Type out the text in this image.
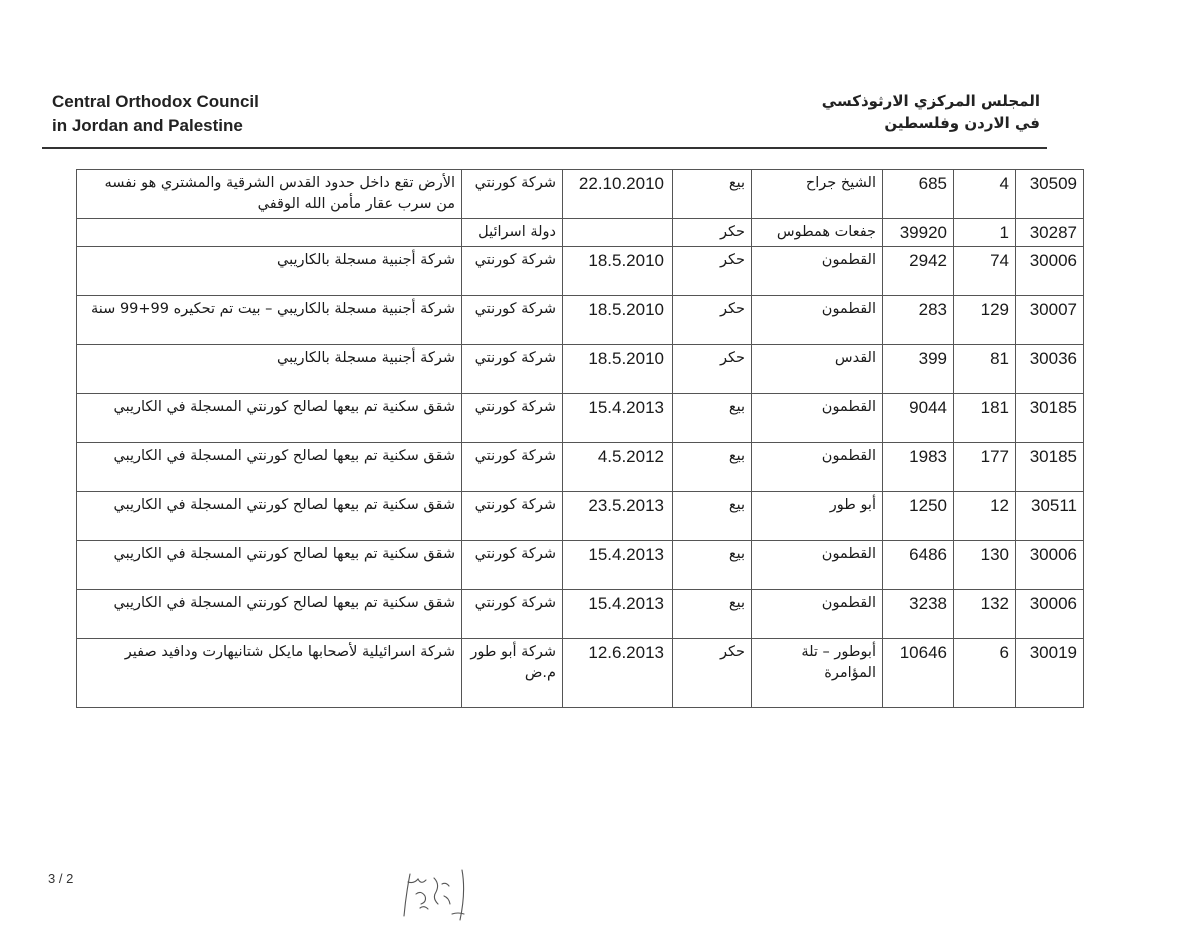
Central Orthodox Council
in Jordan and Palestine
المجلس المركزي الارثوذكسي
في الاردن وفلسطين
الأرض تقع داخل حدود القدس الشرقية والمشتري هو نفسه من سرب عقار مأمن الله الوقفي	شركة كورنتي	22.10.2010	بيع	الشيخ جراح	685	4	30509
	دولة اسرائيل		حكر	جفعات همطوس	39920	1	30287
شركة أجنبية مسجلة بالكاريبي	شركة كورنتي	18.5.2010	حكر	القطمون	2942	74	30006
شركة أجنبية مسجلة بالكاريبي – بيت تم تحكيره 99+99 سنة	شركة كورنتي	18.5.2010	حكر	القطمون	283	129	30007
شركة أجنبية مسجلة بالكاريبي	شركة كورنتي	18.5.2010	حكر	القدس	399	81	30036
شقق سكنية تم بيعها لصالح كورنتي المسجلة في الكاريبي	شركة كورنتي	15.4.2013	بيع	القطمون	9044	181	30185
شقق سكنية تم بيعها لصالح كورنتي المسجلة في الكاريبي	شركة كورنتي	4.5.2012	بيع	القطمون	1983	177	30185
شقق سكنية تم بيعها لصالح كورنتي المسجلة في الكاريبي	شركة كورنتي	23.5.2013	بيع	أبو طور	1250	12	30511
شقق سكنية تم بيعها لصالح كورنتي المسجلة في الكاريبي	شركة كورنتي	15.4.2013	بيع	القطمون	6486	130	30006
شقق سكنية تم بيعها لصالح كورنتي المسجلة في الكاريبي	شركة كورنتي	15.4.2013	بيع	القطمون	3238	132	30006
شركة اسرائيلية لأصحابها مايكل شتانيهارت ودافيد صفير	شركة أبو طور م.ض	12.6.2013	حكر	أبوطور – تلة المؤامرة	10646	6	30019
3 / 2
